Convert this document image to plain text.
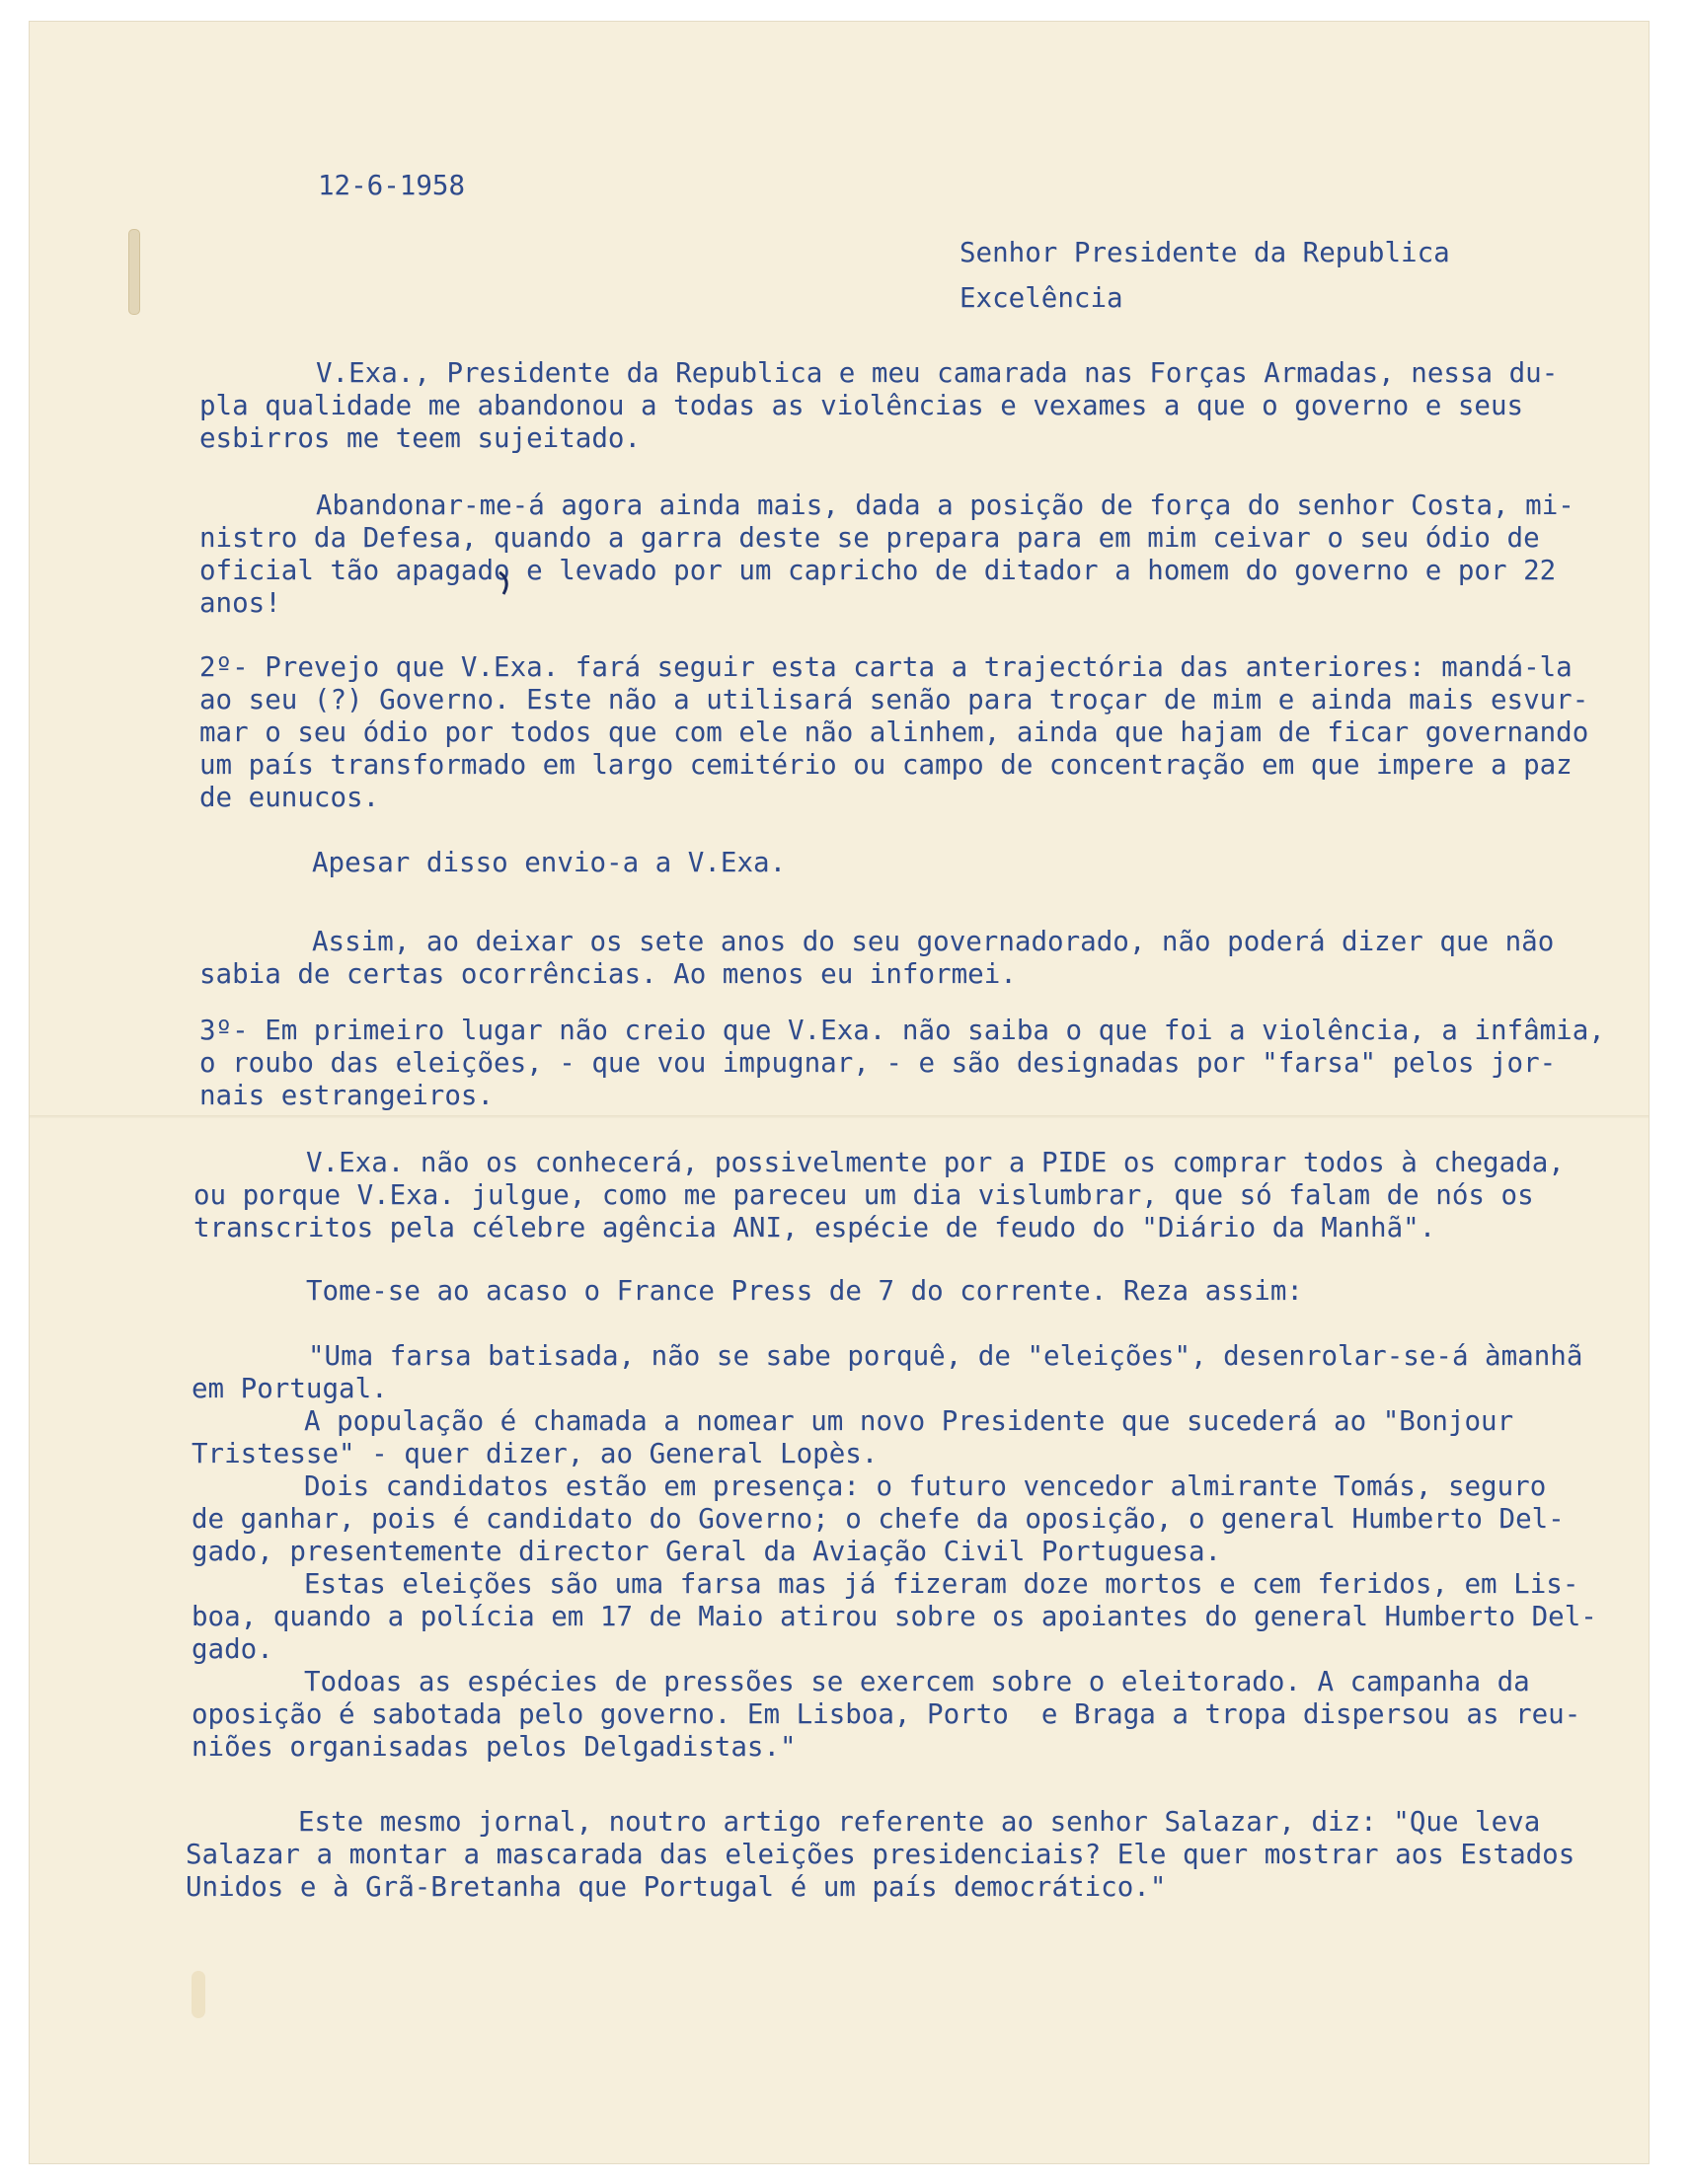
12-6-1958
Senhor Presidente da Republica
Excelência
V.Exa., Presidente da Republica e meu camarada nas Forças Armadas, nessa du-
pla qualidade me abandonou a todas as violências e vexames a que o governo e seus
esbirros me teem sujeitado.
Abandonar-me-á agora ainda mais, dada a posição de força do senhor Costa, mi-
nistro da Defesa, quando a garra deste se prepara para em mim ceivar o seu ódio de
oficial tão apagado e levado por um capricho de ditador a homem do governo e por 22
anos!
2º- Prevejo que V.Exa. fará seguir esta carta a trajectória das anteriores: mandá-la
ao seu (?) Governo. Este não a utilisará senão para troçar de mim e ainda mais esvur-
mar o seu ódio por todos que com ele não alinhem, ainda que hajam de ficar governando
um país transformado em largo cemitério ou campo de concentração em que impere a paz
de eunucos.
Apesar disso envio-a a V.Exa.
Assim, ao deixar os sete anos do seu governadorado, não poderá dizer que não
sabia de certas ocorrências. Ao menos eu informei.
3º- Em primeiro lugar não creio que V.Exa. não saiba o que foi a violência, a infâmia,
o roubo das eleições, - que vou impugnar, - e são designadas por "farsa" pelos jor-
nais estrangeiros.
V.Exa. não os conhecerá, possivelmente por a PIDE os comprar todos à chegada,
ou porque V.Exa. julgue, como me pareceu um dia vislumbrar, que só falam de nós os
transcritos pela célebre agência ANI, espécie de feudo do "Diário da Manhã".
Tome-se ao acaso o France Press de 7 do corrente. Reza assim:
"Uma farsa batisada, não se sabe porquê, de "eleições", desenrolar-se-á àmanhã
em Portugal.
A população é chamada a nomear um novo Presidente que sucederá ao "Bonjour
Tristesse" - quer dizer, ao General Lopès.
Dois candidatos estão em presença: o futuro vencedor almirante Tomás, seguro
de ganhar, pois é candidato do Governo; o chefe da oposição, o general Humberto Del-
gado, presentemente director Geral da Aviação Civil Portuguesa.
Estas eleições são uma farsa mas já fizeram doze mortos e cem feridos, em Lis-
boa, quando a polícia em 17 de Maio atirou sobre os apoiantes do general Humberto Del-
gado.
Todoas as espécies de pressões se exercem sobre o eleitorado. A campanha da
oposição é sabotada pelo governo. Em Lisboa, Porto  e Braga a tropa dispersou as reu-
niões organisadas pelos Delgadistas."
Este mesmo jornal, noutro artigo referente ao senhor Salazar, diz: "Que leva
Salazar a montar a mascarada das eleições presidenciais? Ele quer mostrar aos Estados
Unidos e à Grã-Bretanha que Portugal é um país democrático."
